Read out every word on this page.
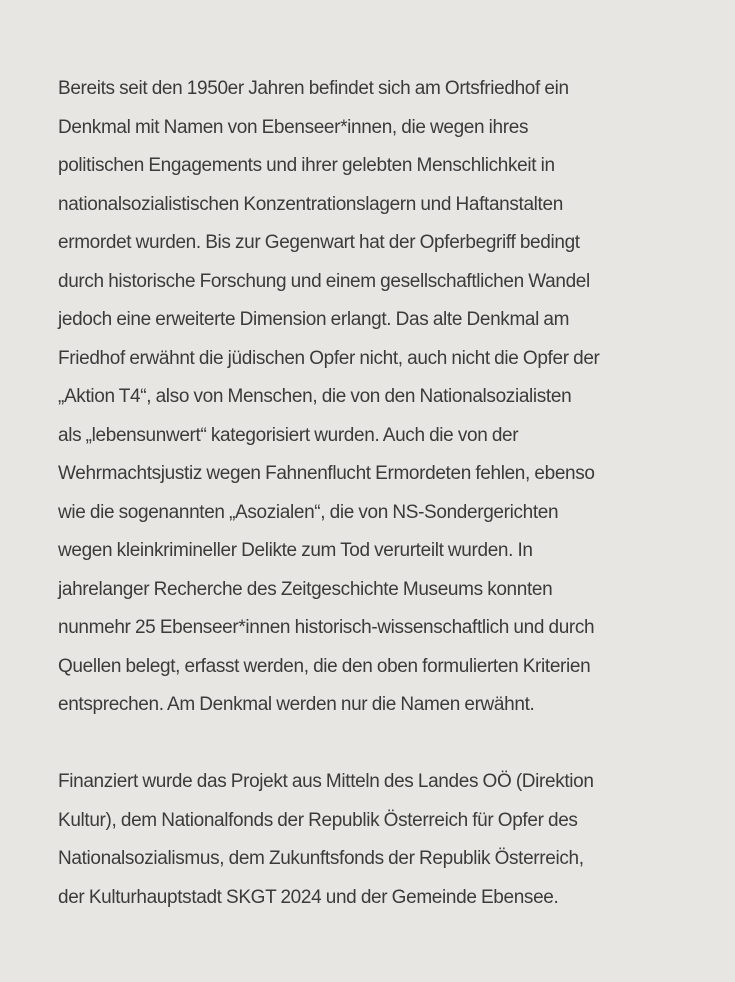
Bereits seit den 1950er Jahren befindet sich am Ortsfriedhof ein
Denkmal mit Namen von Ebenseer*innen, die wegen ihres
politischen Engagements und ihrer gelebten Menschlichkeit in
nationalsozialistischen Konzentrationslagern und Haftanstalten
ermordet wurden. Bis zur Gegenwart hat der Opferbegriff bedingt
durch historische Forschung und einem gesellschaftlichen Wandel
jedoch eine erweiterte Dimension erlangt. Das alte Denkmal am
Friedhof erwähnt die jüdischen Opfer nicht, auch nicht die Opfer der
„Aktion T4“, also von Menschen, die von den Nationalsozialisten
als „lebensunwert“ kategorisiert wurden. Auch die von der
Wehrmachtsjustiz wegen Fahnenflucht Ermordeten fehlen, ebenso
wie die sogenannten „Asozialen“, die von NS-Sondergerichten
wegen kleinkrimineller Delikte zum Tod verurteilt wurden. In
jahrelanger Recherche des Zeitgeschichte Museums konnten
nunmehr 25 Ebenseer*innen historisch-wissenschaftlich und durch
Quellen belegt, erfasst werden, die den oben formulierten Kriterien
entsprechen. Am Denkmal werden nur die Namen erwähnt.

Finanziert wurde das Projekt aus Mitteln des Landes OÖ (Direktion
Kultur), dem Nationalfonds der Republik Österreich für Opfer des
Nationalsozialismus, dem Zukunftsfonds der Republik Österreich,
der Kulturhauptstadt SKGT 2024 und der Gemeinde Ebensee.
